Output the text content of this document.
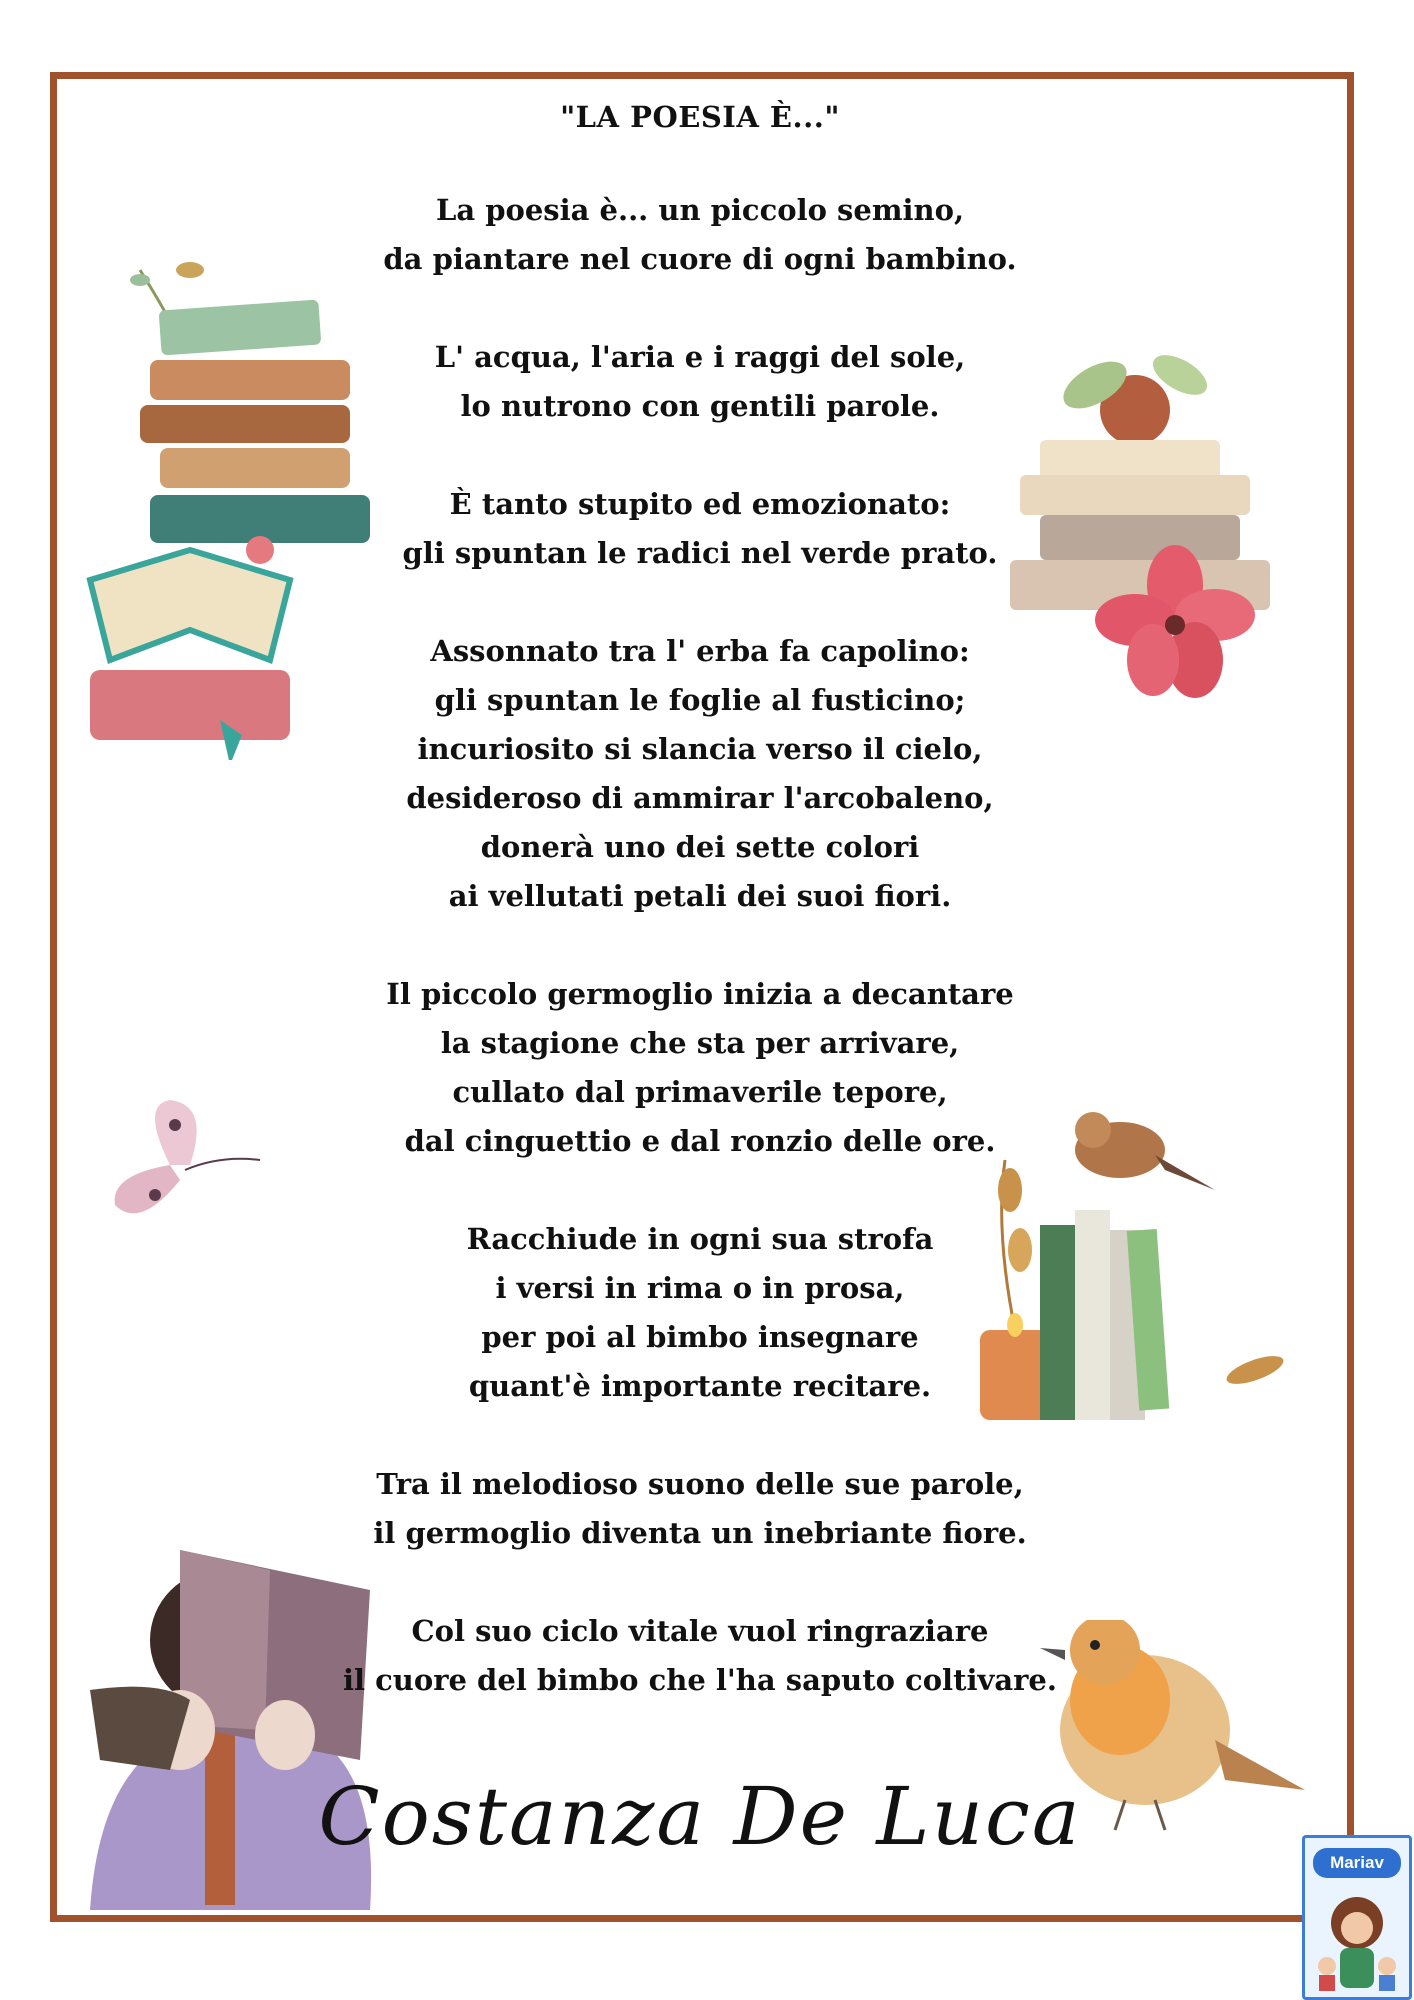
"LA POESIA È..."
La poesia è... un piccolo semino,
da piantare nel cuore di ogni bambino.
L' acqua, l'aria e i raggi del sole,
lo nutrono con gentili parole.
È tanto stupito ed emozionato:
gli spuntan le radici nel verde prato.
Assonnato tra l' erba fa capolino:
gli spuntan le foglie al fusticino;
incuriosito si slancia verso il cielo,
desideroso di ammirar l'arcobaleno,
donerà uno dei sette colori
ai vellutati petali dei suoi fiori.
Il piccolo germoglio inizia a decantare
la stagione che sta per arrivare,
cullato dal primaverile tepore,
dal cinguettio e dal ronzio delle ore.
Racchiude in ogni sua strofa
i versi in rima o in prosa,
per poi al bimbo insegnare
quant'è importante recitare.
Tra il melodioso suono delle sue parole,
il germoglio diventa un inebriante fiore.
Col suo ciclo vitale vuol ringraziare
il cuore del bimbo che l'ha saputo coltivare.
Costanza De Luca	Mariav
